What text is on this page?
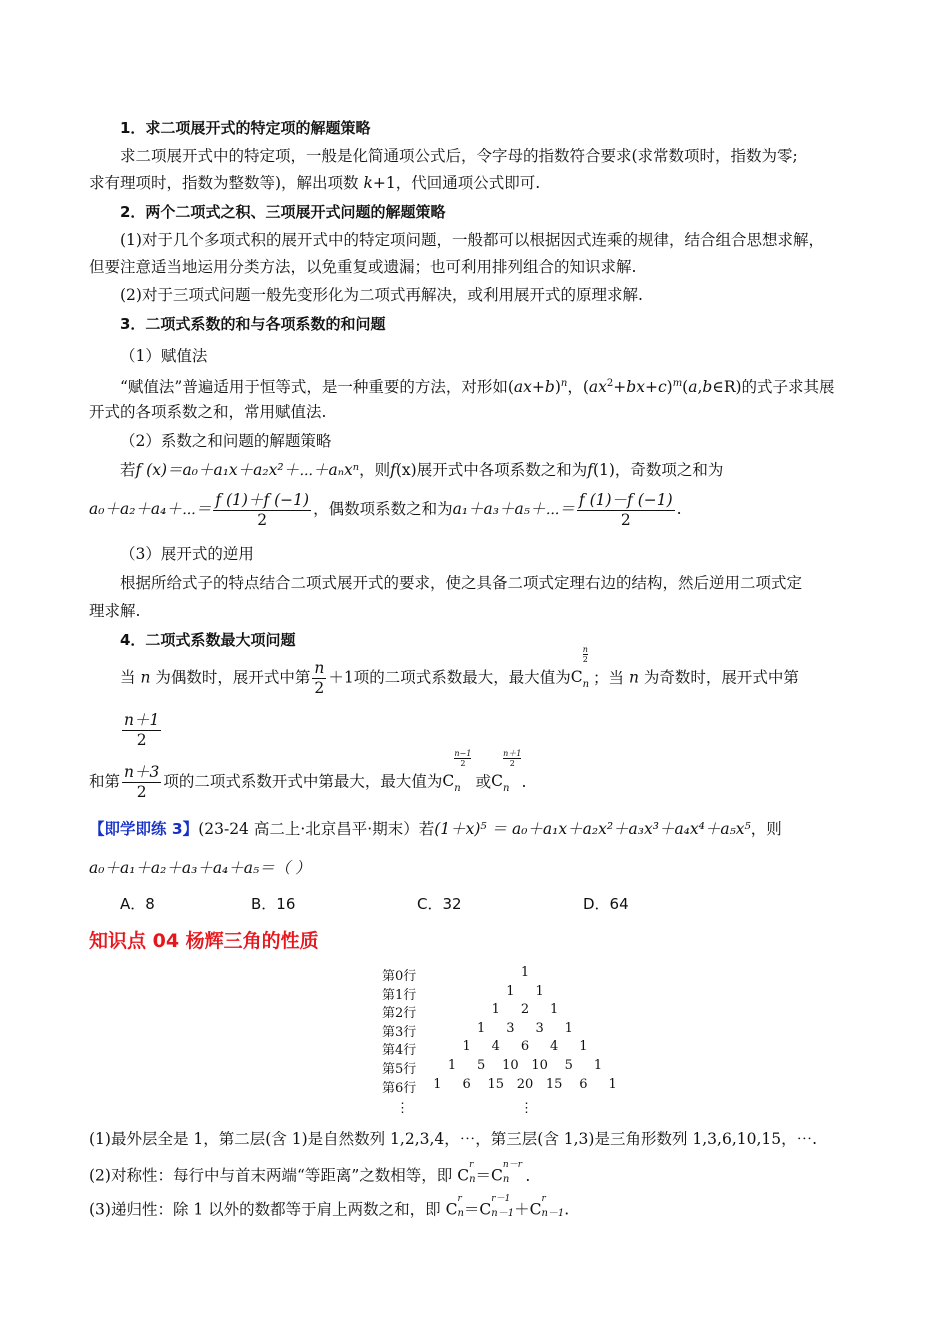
1．求二项展开式的特定项的解题策略
求二项展开式中的特定项，一般是化简通项公式后，令字母的指数符合要求(求常数项时，指数为零;
求有理项时，指数为整数等)，解出项数 k+1，代回通项公式即可.
2．两个二项式之积、三项展开式问题的解题策略
(1)对于几个多项式积的展开式中的特定项问题，一般都可以根据因式连乘的规律，结合组合思想求解，
但要注意适当地运用分类方法，以免重复或遗漏；也可利用排列组合的知识求解.
(2)对于三项式问题一般先变形化为二项式再解决，或利用展开式的原理求解.
3．二项式系数的和与各项系数的和问题
（1）赋值法
“赋值法”普遍适用于恒等式，是一种重要的方法，对形如$(ax+b)^n$，$(ax^2+bx+c)^m(a,b\in R)$的式子求其展
开式的各项系数之和，常用赋值法.
（2）系数之和问题的解题策略
若f (x)＝a₀＋a₁x＋a₂x²＋⋯＋aₙxⁿ，则f(x)展开式中各项系数之和为f(1)，奇数项之和为
a₀＋a₂＋a₄＋⋯＝ $\frac{f (1)+f (-1)}{2}$ ，偶数项系数之和为a₁＋a₃＋a₅＋⋯＝ $\frac{f (1)-f (-1)}{2}$ .
（3）展开式的逆用
根据所给式子的特点结合二项式展开式的要求，使之具备二项式定理右边的结构，然后逆用二项式定
理求解.
4．二项式系数最大项问题
当 n 为偶数时，展开式中第 $\frac{n}{2} +1$项的二项式系数最大，最大值为$C_n$
$\frac{n}{2}$
；当 n 为奇数时，展开式中第
$\frac{n+1}{2}$
和第 $\frac{n+3}{2}$ 项的二项式系数开式中第最大，最大值为$C_n$
$\frac{n-1}{2}$
或$C_n$
$\frac{n+1}{2}$
.
【即学即练 3】(23-24 高二上·北京昌平·期末）若(1＋x)⁵ ＝ a₀＋a₁x＋a₂x²＋a₃x³＋a₄x⁴＋a₅x⁵，则
a₀＋a₁＋a₂＋a₃＋a₄＋a₅＝（ ）
A．8	B．16	C．32	D．64
知识点 04 杨辉三角的性质
第0行	1
第1行	1 1
第2行	1 2 1
第3行	1 3 3 1
第4行	1 4 6 4 1
第5行 1 5 10 10 5 1
第6行 1 6 15 20 15 6 1
⋮	⋮
(1)最外层全是 1，第二层(含 1)是自然数列 1,2,3,4，⋯，第三层(含 1,3)是三角形数列 1,3,6,10,15，⋯.
(2)对称性：每行中与首末两端“等距离”之数相等，即 $C_n$
r
$=C_n$
n－r
.
(3)递归性：除 1 以外的数都等于肩上两数之和，即 $C_n$
r
$=C_{n-1}$
r－1
$+C_{n-1}$
r
.
